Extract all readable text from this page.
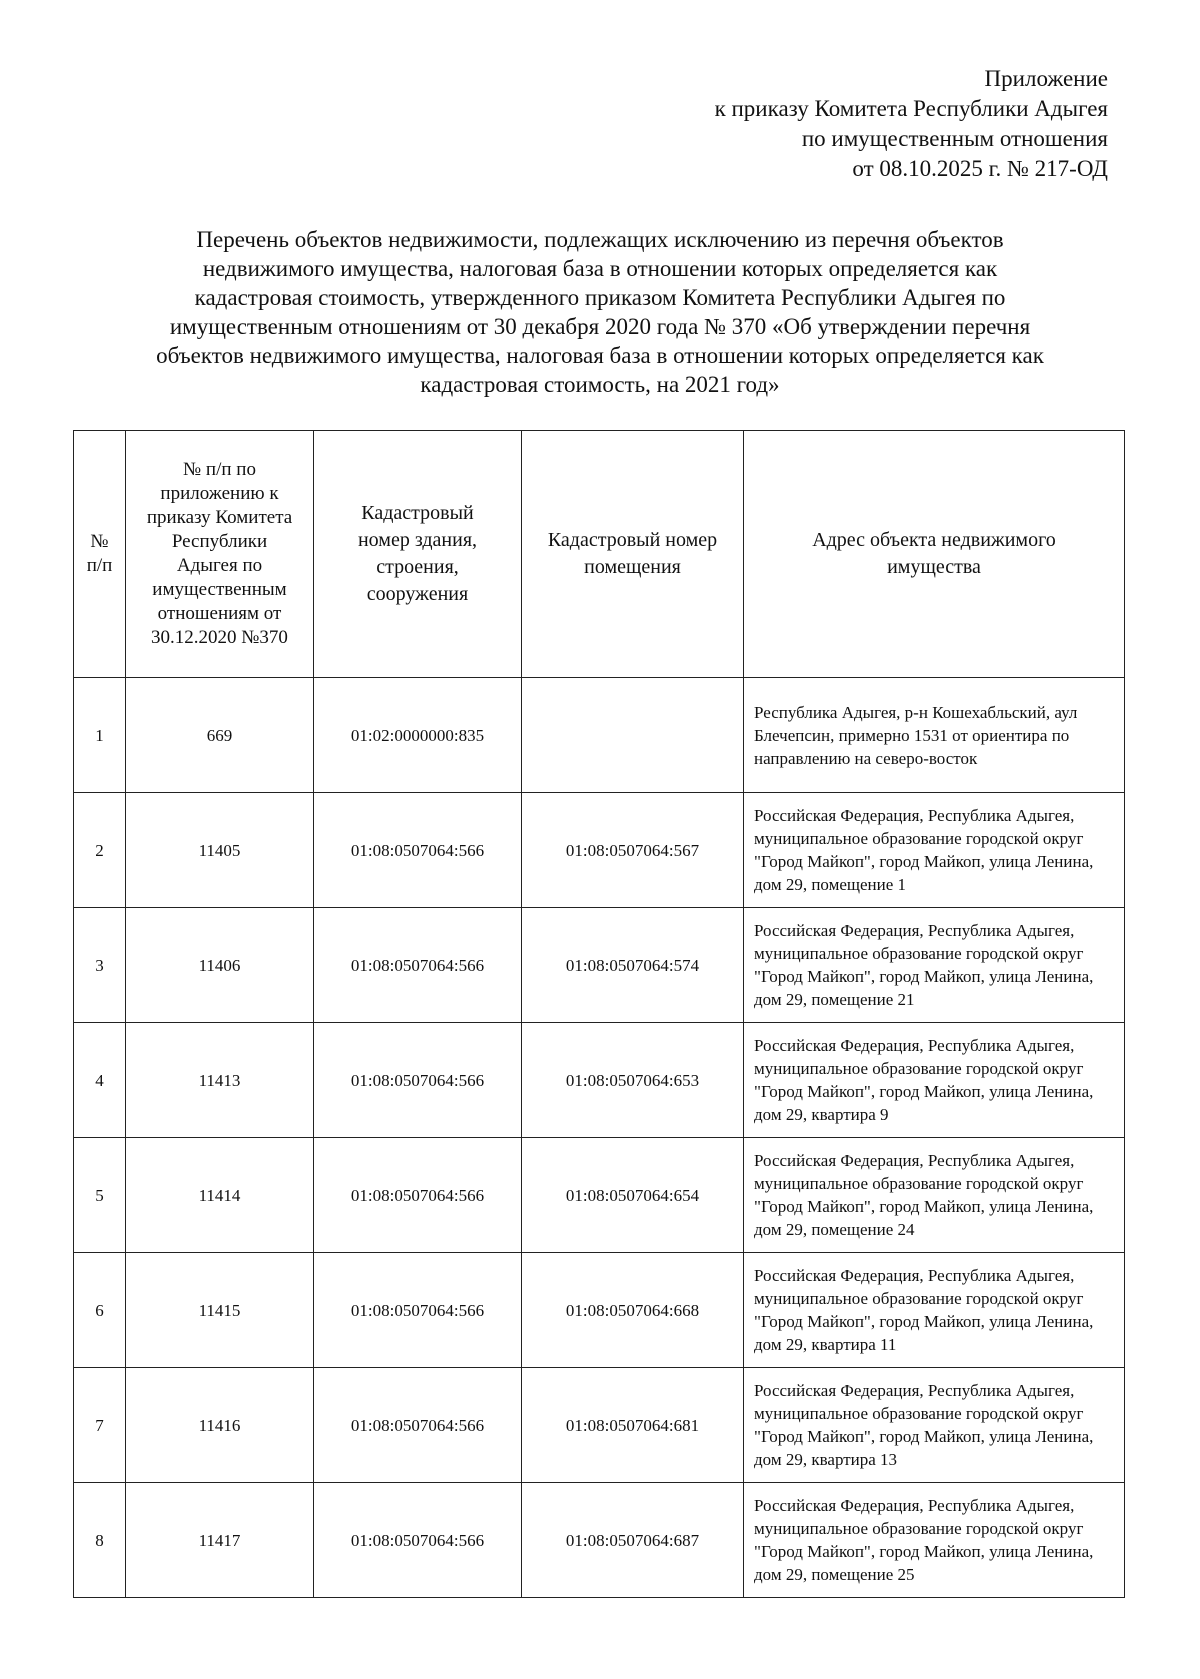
Приложение
к приказу Комитета Республики Адыгея
по имущественным отношения
от 08.10.2025 г. № 217-ОД
Перечень объектов недвижимости, подлежащих исключению из перечня объектов
недвижимого имущества, налоговая база в отношении которых определяется как
кадастровая стоимость, утвержденного приказом Комитета Республики Адыгея по
имущественным отношениям от 30 декабря 2020 года № 370 «Об утверждении перечня
объектов недвижимого имущества, налоговая база в отношении которых определяется как
кадастровая стоимость, на 2021 год»
№ п/п	№ п/п по приложению к приказу Комитета Республики Адыгея по имущественным отношениям от 30.12.2020 №370	Кадастровый номер здания, строения, сооружения	Кадастровый номер помещения	Адрес объекта недвижимого имущества
1	669	01:02:0000000:835		Республика Адыгея, р-н Кошехабльский, аул Блечепсин, примерно 1531 от ориентира по направлению на северо-восток
2	11405	01:08:0507064:566	01:08:0507064:567	Российская Федерация, Республика Адыгея, муниципальное образование городской округ "Город Майкоп", город Майкоп, улица Ленина, дом 29, помещение 1
3	11406	01:08:0507064:566	01:08:0507064:574	Российская Федерация, Республика Адыгея, муниципальное образование городской округ "Город Майкоп", город Майкоп, улица Ленина, дом 29, помещение 21
4	11413	01:08:0507064:566	01:08:0507064:653	Российская Федерация, Республика Адыгея, муниципальное образование городской округ "Город Майкоп", город Майкоп, улица Ленина, дом 29, квартира 9
5	11414	01:08:0507064:566	01:08:0507064:654	Российская Федерация, Республика Адыгея, муниципальное образование городской округ "Город Майкоп", город Майкоп, улица Ленина, дом 29, помещение 24
6	11415	01:08:0507064:566	01:08:0507064:668	Российская Федерация, Республика Адыгея, муниципальное образование городской округ "Город Майкоп", город Майкоп, улица Ленина, дом 29, квартира 11
7	11416	01:08:0507064:566	01:08:0507064:681	Российская Федерация, Республика Адыгея, муниципальное образование городской округ "Город Майкоп", город Майкоп, улица Ленина, дом 29, квартира 13
8	11417	01:08:0507064:566	01:08:0507064:687	Российская Федерация, Республика Адыгея, муниципальное образование городской округ "Город Майкоп", город Майкоп, улица Ленина, дом 29, помещение 25
